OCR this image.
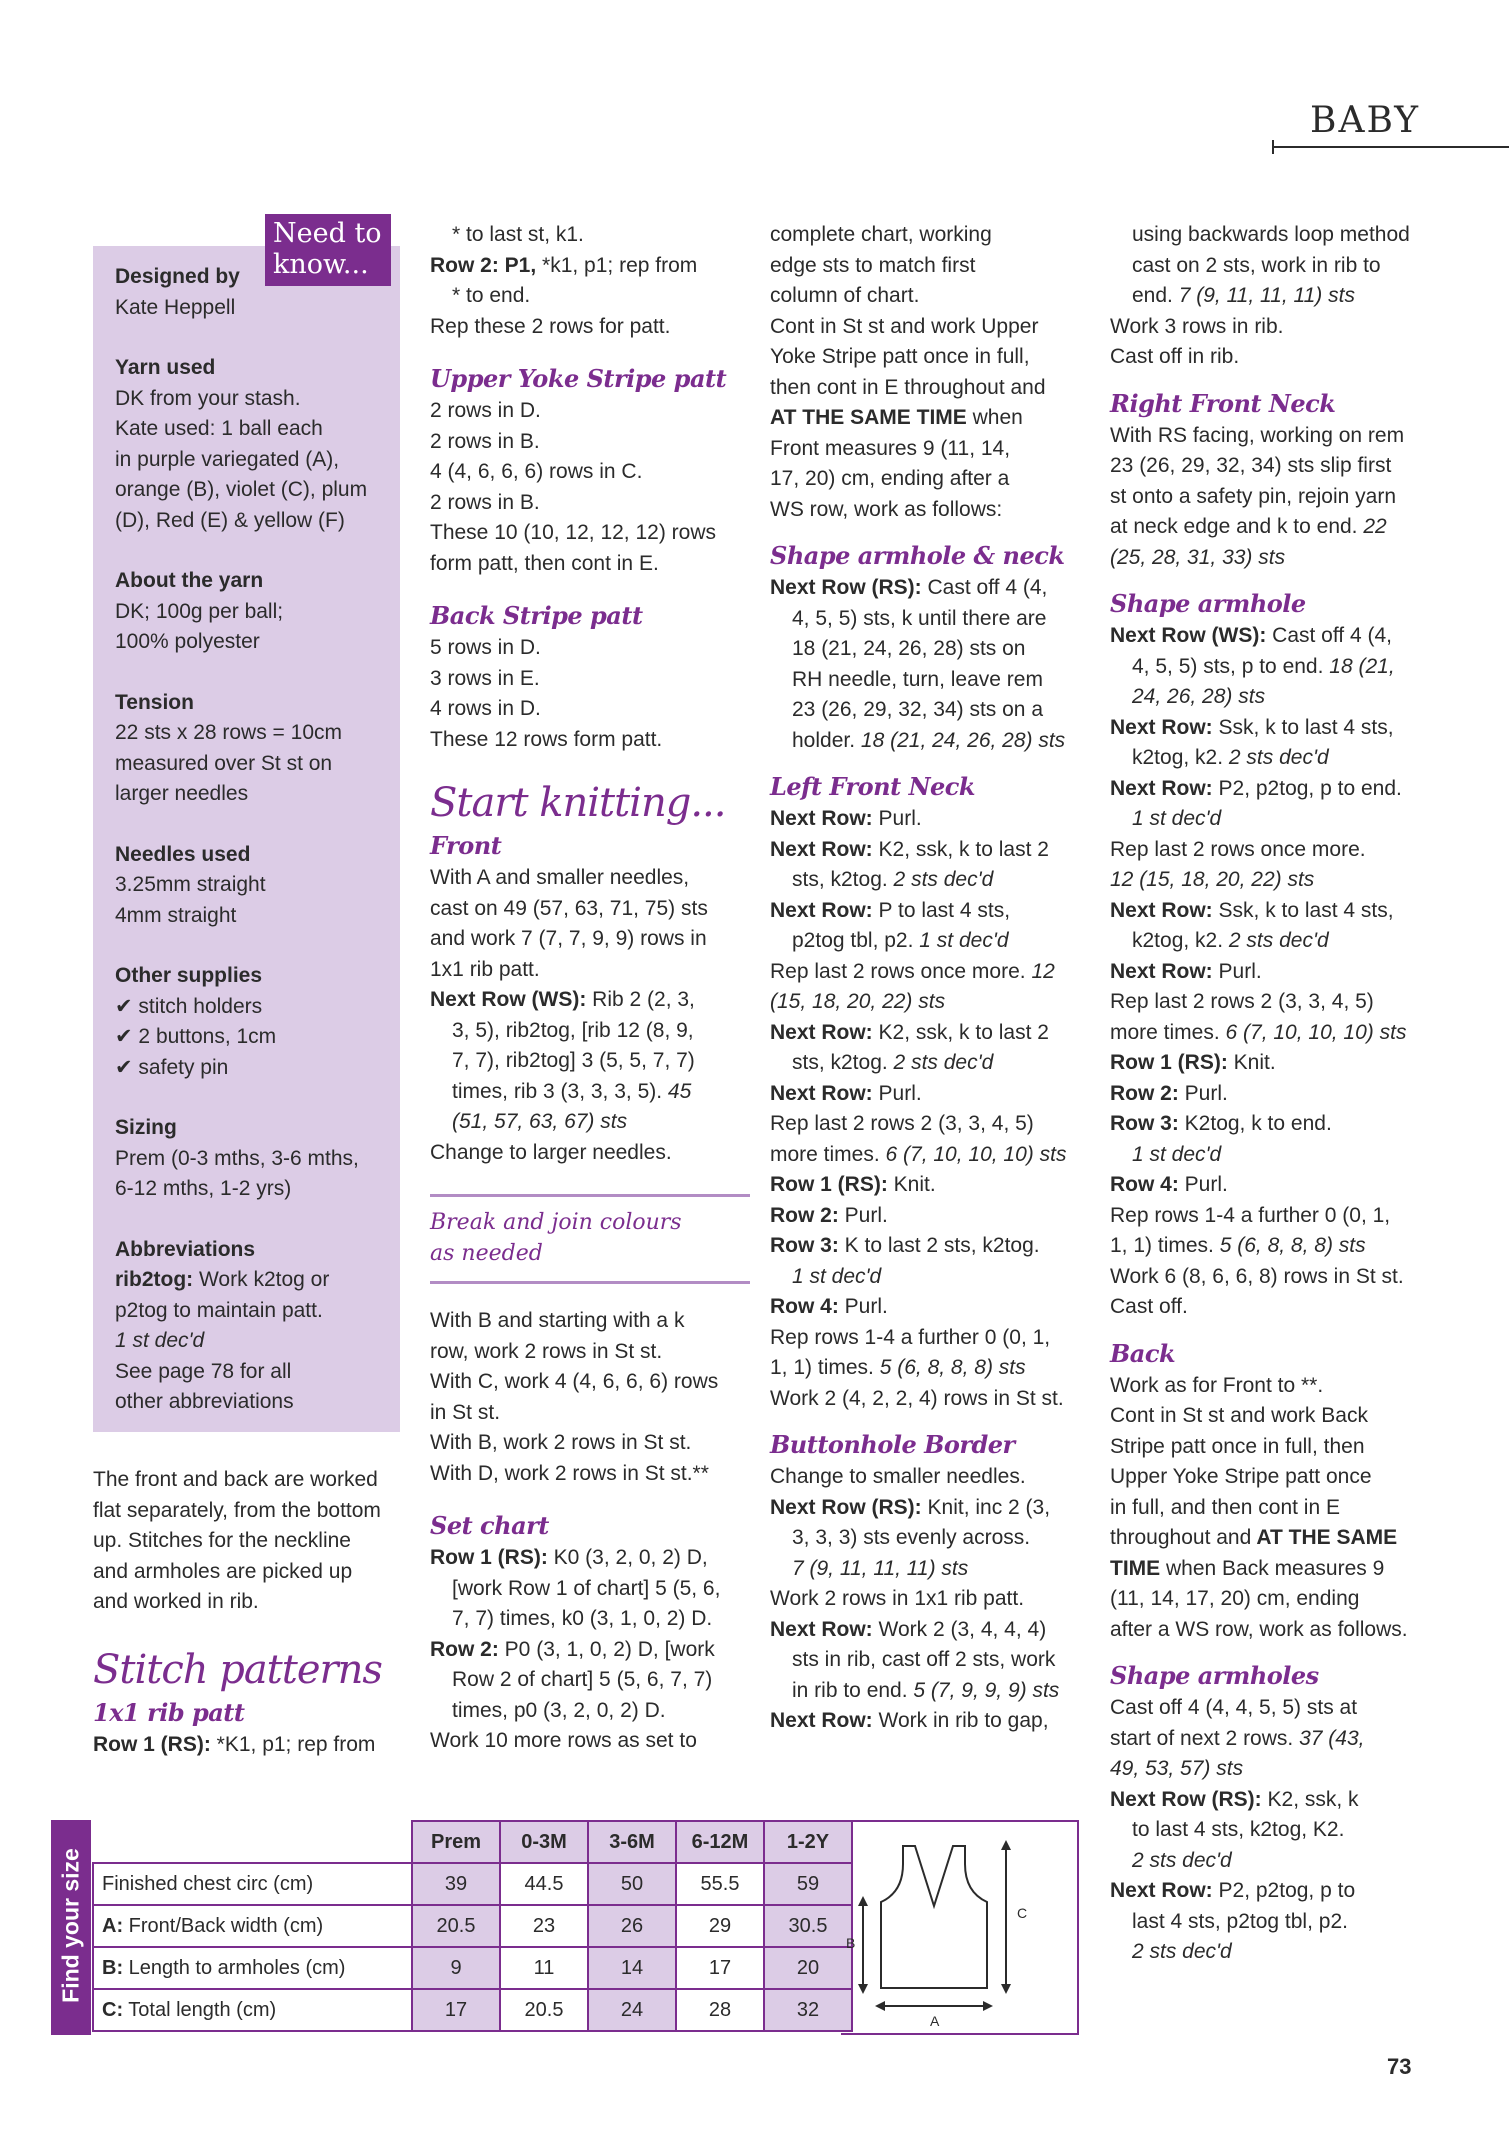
BABY

Designed by

Kate Heppell

Yarn used

DK from your stash.

Kate used: 1 ball each

in purple variegated (A),

orange (B), violet (C), plum

(D), Red (E) & yellow (F)

About the yarn

DK; 100g per ball;

100% polyester

Tension

22 sts x 28 rows = 10cm

measured over St st on

larger needles

Needles used

3.25mm straight

4mm straight

Other supplies

✔ stitch holders

✔ 2 buttons, 1cm

✔ safety pin

Sizing

Prem (0-3 mths, 3-6 mths,

6-12 mths, 1-2 yrs)

Abbreviations

rib2tog: Work k2tog or

p2tog to maintain patt.

1 st dec'd

See page 78 for all

other abbreviations

Need to
know...

The front and back are worked

flat separately, from the bottom

up. Stitches for the neckline

and armholes are picked up

and worked in rib.

Stitch patterns

1x1 rib patt

Row 1 (RS): *K1, p1; rep from

* to last st, k1.

Row 2: P1, *k1, p1; rep from

* to end.

Rep these 2 rows for patt.

Upper Yoke Stripe patt

2 rows in D.

2 rows in B.

4 (4, 6, 6, 6) rows in C.

2 rows in B.

These 10 (10, 12, 12, 12) rows

form patt, then cont in E.

Back Stripe patt

5 rows in D.

3 rows in E.

4 rows in D.

These 12 rows form patt.

Start knitting...

Front

With A and smaller needles,

cast on 49 (57, 63, 71, 75) sts

and work 7 (7, 7, 9, 9) rows in

1x1 rib patt.

Next Row (WS): Rib 2 (2, 3,

3, 5), rib2tog, [rib 12 (8, 9,

7, 7), rib2tog] 3 (5, 5, 7, 7)

times, rib 3 (3, 3, 3, 5). 45

(51, 57, 63, 67) sts

Change to larger needles.

Break and join colours
as needed

With B and starting with a k

row, work 2 rows in St st.

With C, work 4 (4, 6, 6, 6) rows

in St st.

With B, work 2 rows in St st.

With D, work 2 rows in St st.**

Set chart

Row 1 (RS): K0 (3, 2, 0, 2) D,

[work Row 1 of chart] 5 (5, 6,

7, 7) times, k0 (3, 1, 0, 2) D.

Row 2: P0 (3, 1, 0, 2) D, [work

Row 2 of chart] 5 (5, 6, 7, 7)

times, p0 (3, 2, 0, 2) D.

Work 10 more rows as set to

complete chart, working

edge sts to match first

column of chart.

Cont in St st and work Upper

Yoke Stripe patt once in full,

then cont in E throughout and

AT THE SAME TIME when

Front measures 9 (11, 14,

17, 20) cm, ending after a

WS row, work as follows:

Shape armhole & neck

Next Row (RS): Cast off 4 (4,

4, 5, 5) sts, k until there are

18 (21, 24, 26, 28) sts on

RH needle, turn, leave rem

23 (26, 29, 32, 34) sts on a

holder. 18 (21, 24, 26, 28) sts

Left Front Neck

Next Row: Purl.

Next Row: K2, ssk, k to last 2

sts, k2tog. 2 sts dec'd

Next Row: P to last 4 sts,

p2tog tbl, p2. 1 st dec'd

Rep last 2 rows once more. 12

(15, 18, 20, 22) sts

Next Row: K2, ssk, k to last 2

sts, k2tog. 2 sts dec'd

Next Row: Purl.

Rep last 2 rows 2 (3, 3, 4, 5)

more times. 6 (7, 10, 10, 10) sts

Row 1 (RS): Knit.

Row 2: Purl.

Row 3: K to last 2 sts, k2tog.

1 st dec'd

Row 4: Purl.

Rep rows 1-4 a further 0 (0, 1,

1, 1) times. 5 (6, 8, 8, 8) sts

Work 2 (4, 2, 2, 4) rows in St st.

Buttonhole Border

Change to smaller needles.

Next Row (RS): Knit, inc 2 (3,

3, 3, 3) sts evenly across.

7 (9, 11, 11, 11) sts

Work 2 rows in 1x1 rib patt.

Next Row: Work 2 (3, 4, 4, 4)

sts in rib, cast off 2 sts, work

in rib to end. 5 (7, 9, 9, 9) sts

Next Row: Work in rib to gap,

using backwards loop method

cast on 2 sts, work in rib to

end. 7 (9, 11, 11, 11) sts

Work 3 rows in rib.

Cast off in rib.

Right Front Neck

With RS facing, working on rem

23 (26, 29, 32, 34) sts slip first

st onto a safety pin, rejoin yarn

at neck edge and k to end. 22

(25, 28, 31, 33) sts

Shape armhole

Next Row (WS): Cast off 4 (4,

4, 5, 5) sts, p to end. 18 (21,

24, 26, 28) sts

Next Row: Ssk, k to last 4 sts,

k2tog, k2. 2 sts dec'd

Next Row: P2, p2tog, p to end.

1 st dec'd

Rep last 2 rows once more.

12 (15, 18, 20, 22) sts

Next Row: Ssk, k to last 4 sts,

k2tog, k2. 2 sts dec'd

Next Row: Purl.

Rep last 2 rows 2 (3, 3, 4, 5)

more times. 6 (7, 10, 10, 10) sts

Row 1 (RS): Knit.

Row 2: Purl.

Row 3: K2tog, k to end.

1 st dec'd

Row 4: Purl.

Rep rows 1-4 a further 0 (0, 1,

1, 1) times. 5 (6, 8, 8, 8) sts

Work 6 (8, 6, 6, 8) rows in St st.

Cast off.

Back

Work as for Front to **.

Cont in St st and work Back

Stripe patt once in full, then

Upper Yoke Stripe patt once

in full, and then cont in E

throughout and AT THE SAME

TIME when Back measures 9

(11, 14, 17, 20) cm, ending

after a WS row, work as follows.

Shape armholes

Cast off 4 (4, 4, 5, 5) sts at

start of next 2 rows. 37 (43,

49, 53, 57) sts

Next Row (RS): K2, ssk, k

to last 4 sts, k2tog, K2.

2 sts dec'd

Next Row: P2, p2tog, p to

last 4 sts, p2tog tbl, p2.

2 sts dec'd

Find your size
	Prem	0-3M	3-6M	6-12M	1-2Y
Finished chest circ (cm)	39	44.5	50	55.5	59
A: Front/Back width (cm)	20.5	23	26	29	30.5
B: Length to armholes (cm)	9	11	14	17	20
C: Total length (cm)	17	20.5	24	28	32
A
B
C
73
